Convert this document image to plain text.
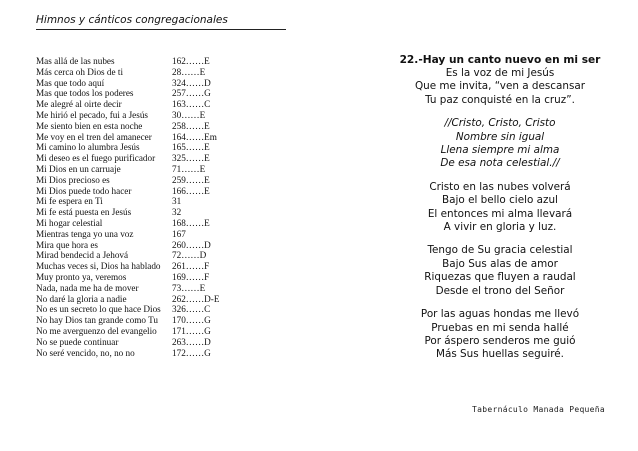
Himnos y cánticos congregacionales
Mas allá de las nubes	162……E
Más cerca oh Dios de ti	28……E
Mas que todo aquí	324……D
Mas que todos los poderes	257……G
Me alegré al oirte decir	163……C
Me hirió el pecado, fui a Jesús	30……E
Me siento bien en esta noche	258……E
Me voy en el tren del amanecer 164……Em
Mi camino lo alumbra Jesús	165……E
Mi deseo es el fuego purificador 325……E
Mi Dios en un carruaje	71……E
Mi Dios precioso es	259……E
Mi Dios puede todo hacer	166……E
Mi fe espera en Ti	31
Mi fe está puesta en Jesús	32
Mi hogar celestial	168……E
Mientras tenga yo una voz	167
Mira que hora es	260……D
Mirad bendecid a Jehová	72……D
Muchas veces si, Dios ha hablado 261……F
Muy pronto ya, veremos	169……F
Nada, nada me ha de mover	73……E
No daré la gloria a nadie	262……D-E
No es un secreto lo que hace Dios 326……C
No hay Dios tan grande como Tu 170……G
No me averguenzo del evangelio 171……G
No se puede continuar	263……D
No seré vencido, no, no no	172……G
22.-Hay un canto nuevo en mi ser
Es la voz de mi Jesús
Que me invita, “ven a descansar
Tu paz conquisté en la cruz”.
//Cristo, Cristo, Cristo
Nombre sin igual
Llena siempre mi alma
De esa nota celestial.//
Cristo en las nubes volverá
Bajo el bello cielo azul
El entonces mi alma llevará
A vivir en gloria y luz.
Tengo de Su gracia celestial
Bajo Sus alas de amor
Riquezas que fluyen a raudal
Desde el trono del Señor
Por las aguas hondas me llevó
Pruebas en mi senda hallé
Por áspero senderos me guió
Más Sus huellas seguiré.
Tabernáculo Manada Pequeña
